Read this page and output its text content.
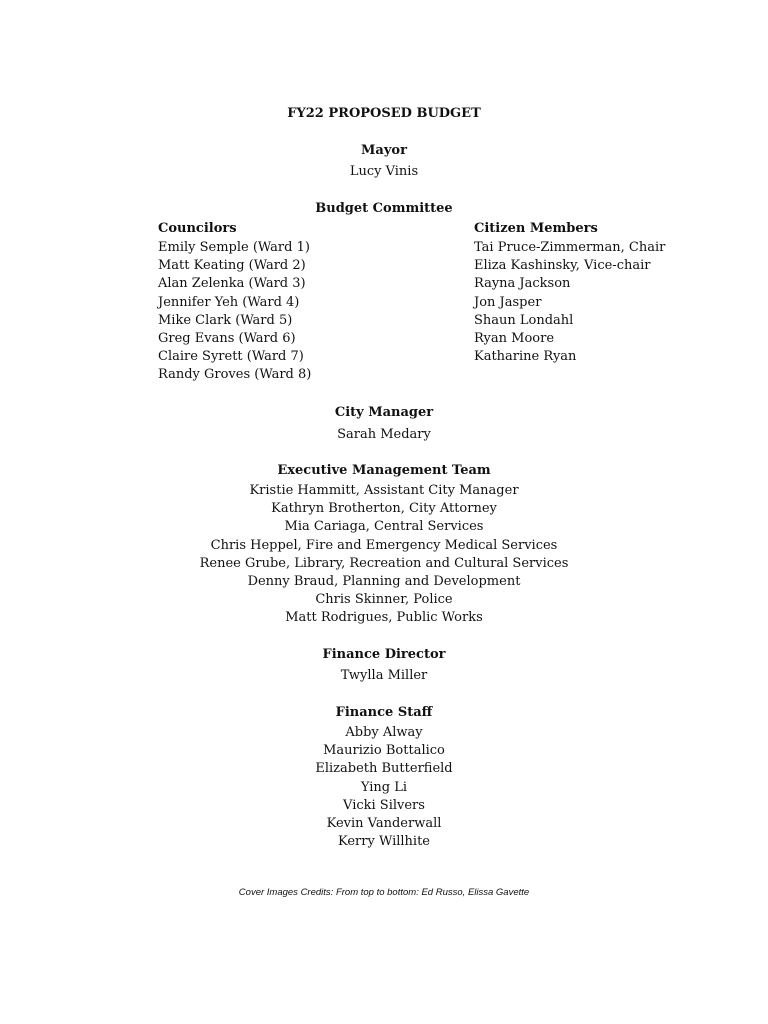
FY22 PROPOSED BUDGET

Mayor

Lucy Vinis

Budget Committee

Councilors

Emily Semple (Ward 1)

Matt Keating (Ward 2)

Alan Zelenka (Ward 3)

Jennifer Yeh (Ward 4)

Mike Clark (Ward 5)

Greg Evans (Ward 6)

Claire Syrett (Ward 7)

Randy Groves (Ward 8)

Citizen Members

Tai Pruce-Zimmerman, Chair

Eliza Kashinsky, Vice-chair

Rayna Jackson

Jon Jasper

Shaun Londahl

Ryan Moore

Katharine Ryan

City Manager

Sarah Medary

Executive Management Team

Kristie Hammitt, Assistant City Manager

Kathryn Brotherton, City Attorney

Mia Cariaga, Central Services

Chris Heppel, Fire and Emergency Medical Services

Renee Grube, Library, Recreation and Cultural Services

Denny Braud, Planning and Development

Chris Skinner, Police

Matt Rodrigues, Public Works

Finance Director

Twylla Miller

Finance Staff

Abby Alway

Maurizio Bottalico

Elizabeth Butterfield

Ying Li

Vicki Silvers

Kevin Vanderwall

Kerry Willhite

Cover Images Credits: From top to bottom: Ed Russo, Elissa Gavette
